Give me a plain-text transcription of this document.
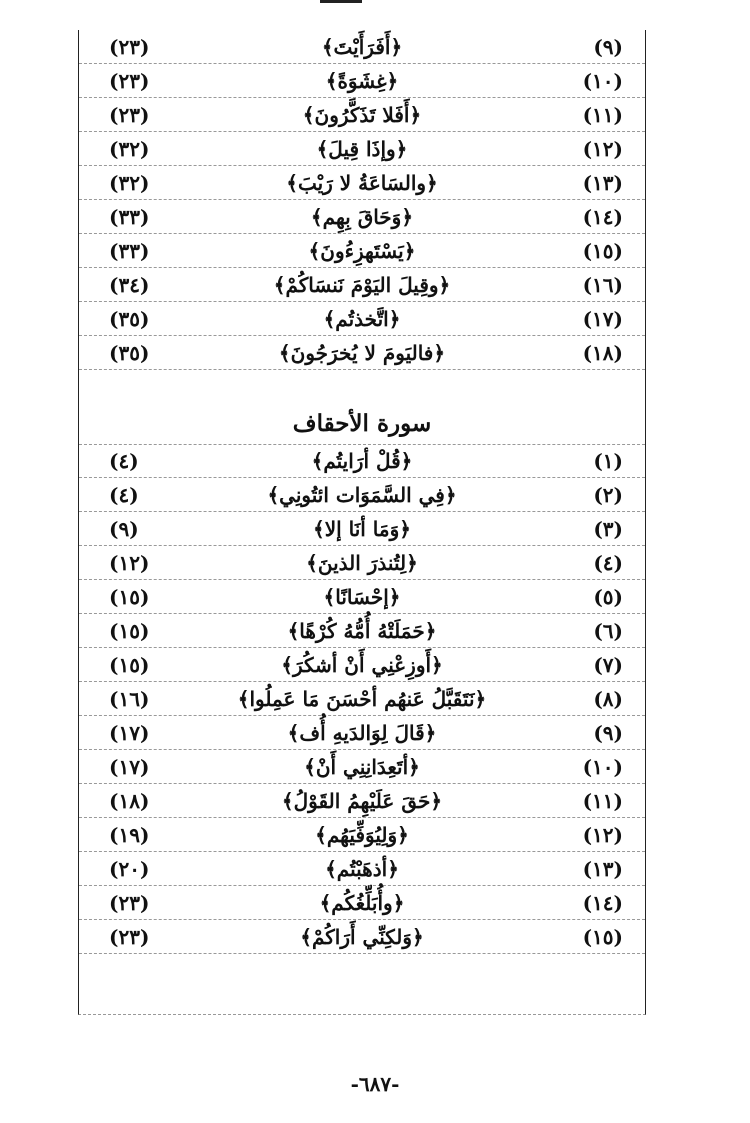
(٩)
﴿أَفَرَأَيْتَ﴾
(٢٣)
(١٠)
﴿غِشَوَةً﴾
(٢٣)
(١١)
﴿أَفَلا تَذَكَّرُونَ﴾
(٢٣)
(١٢)
﴿وإذَا قِيلَ﴾
(٣٢)
(١٣)
﴿والسَاعَةُ لا رَيْبَ﴾
(٣٢)
(١٤)
﴿وَحَاقَ بِهِم﴾
(٣٣)
(١٥)
﴿يَسْتَهزِءُونَ﴾
(٣٣)
(١٦)
﴿وقِيلَ اليَوْمَ نَنسَاكُمْ﴾
(٣٤)
(١٧)
﴿اتَّخذتُم﴾
(٣٥)
(١٨)
﴿فاليَومَ لا يُخرَجُونَ﴾
(٣٥)
سورة الأحقاف
(١)
﴿قُلْ أرَايتُم﴾
(٤)
(٢)
﴿فِي السَّمَوَات ائتُونِي﴾
(٤)
(٣)
﴿وَمَا أنَا إلا﴾
(٩)
(٤)
﴿لِتُنذرَ الذينَ﴾
(١٢)
(٥)
﴿إحْسَانًا﴾
(١٥)
(٦)
﴿حَمَلَتْهُ أُمُّهُ كُرْهًا﴾
(١٥)
(٧)
﴿أَوزِعْنِي أَنْ أشكُرَ﴾
(١٥)
(٨)
﴿نَتَقَبَّلُ عَنهُم أحْسَنَ مَا عَمِلُوا﴾
(١٦)
(٩)
﴿قَالَ لِوَالدَيهِ أُف﴾
(١٧)
(١٠)
﴿أتَعِدَانِنِي أَنْ﴾
(١٧)
(١١)
﴿حَقَ عَلَيْهِمُ القَوْلُ﴾
(١٨)
(١٢)
﴿وَلِيُوَفِّيَهُم﴾
(١٩)
(١٣)
﴿أذهَبْتُم﴾
(٢٠)
(١٤)
﴿وأُبَلِّغُكُم﴾
(٢٣)
(١٥)
﴿وَلكِنِّي أَرَاكُمْ﴾
(٢٣)
-٦٨٧-
